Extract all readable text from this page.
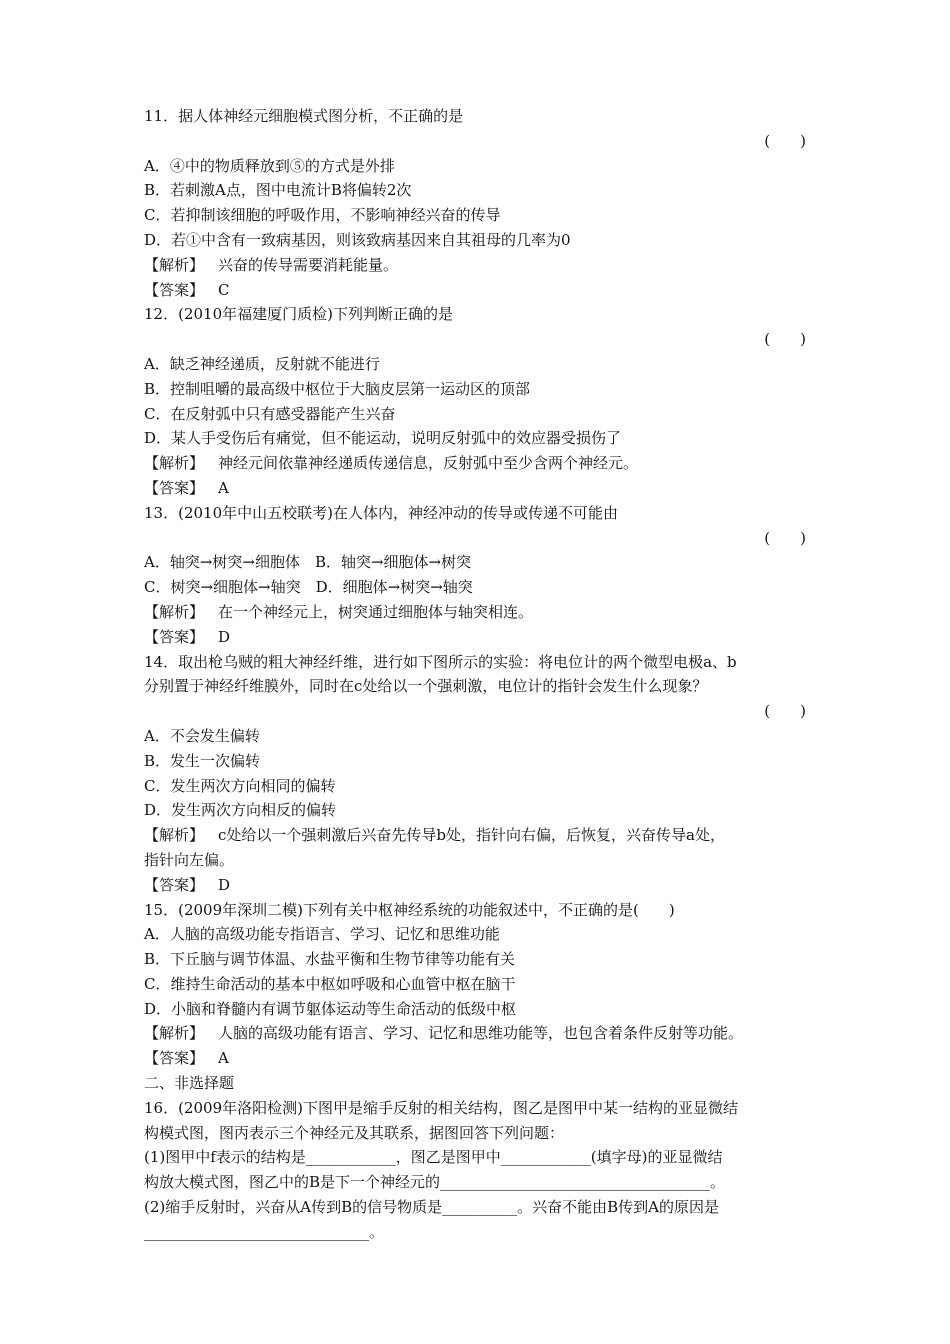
11．据人体神经元细胞模式图分析，不正确的是
(　　)
A．④中的物质释放到⑤的方式是外排
B．若刺激A点，图中电流计B将偏转2次
C．若抑制该细胞的呼吸作用，不影响神经兴奋的传导
D．若①中含有一致病基因，则该致病基因来自其祖母的几率为0
【解析】 兴奋的传导需要消耗能量。
【答案】 C
12．(2010年福建厦门质检)下列判断正确的是
(　　)
A．缺乏神经递质，反射就不能进行
B．控制咀嚼的最高级中枢位于大脑皮层第一运动区的顶部
C．在反射弧中只有感受器能产生兴奋
D．某人手受伤后有痛觉，但不能运动，说明反射弧中的效应器受损伤了
【解析】 神经元间依靠神经递质传递信息，反射弧中至少含两个神经元。
【答案】 A
13．(2010年中山五校联考)在人体内，神经冲动的传导或传递不可能由
(　　)
A．轴突→树突→细胞体　B．轴突→细胞体→树突
C．树突→细胞体→轴突　D．细胞体→树突→轴突
【解析】 在一个神经元上，树突通过细胞体与轴突相连。
【答案】 D
14．取出枪乌贼的粗大神经纤维，进行如下图所示的实验：将电位计的两个微型电极a、b
分别置于神经纤维膜外，同时在c处给以一个强刺激，电位计的指针会发生什么现象？
(　　)
A．不会发生偏转
B．发生一次偏转
C．发生两次方向相同的偏转
D．发生两次方向相反的偏转
【解析】 c处给以一个强刺激后兴奋先传导b处，指针向右偏，后恢复，兴奋传导a处，
指针向左偏。
【答案】 D
15．(2009年深圳二模)下列有关中枢神经系统的功能叙述中，不正确的是(　　)
A．人脑的高级功能专指语言、学习、记忆和思维功能
B．下丘脑与调节体温、水盐平衡和生物节律等功能有关
C．维持生命活动的基本中枢如呼吸和心血管中枢在脑干
D．小脑和脊髓内有调节躯体运动等生命活动的低级中枢
【解析】 人脑的高级功能有语言、学习、记忆和思维功能等，也包含着条件反射等功能。
【答案】 A
二、非选择题
16．(2009年洛阳检测)下图甲是缩手反射的相关结构，图乙是图甲中某一结构的亚显微结
构模式图，图丙表示三个神经元及其联系，据图回答下列问题：
(1)图甲中f表示的结构是____________，图乙是图甲中____________(填字母)的亚显微结
构放大模式图，图乙中的B是下一个神经元的____________________________________。
(2)缩手反射时，兴奋从A传到B的信号物质是__________。兴奋不能由B传到A的原因是
______________________________。
